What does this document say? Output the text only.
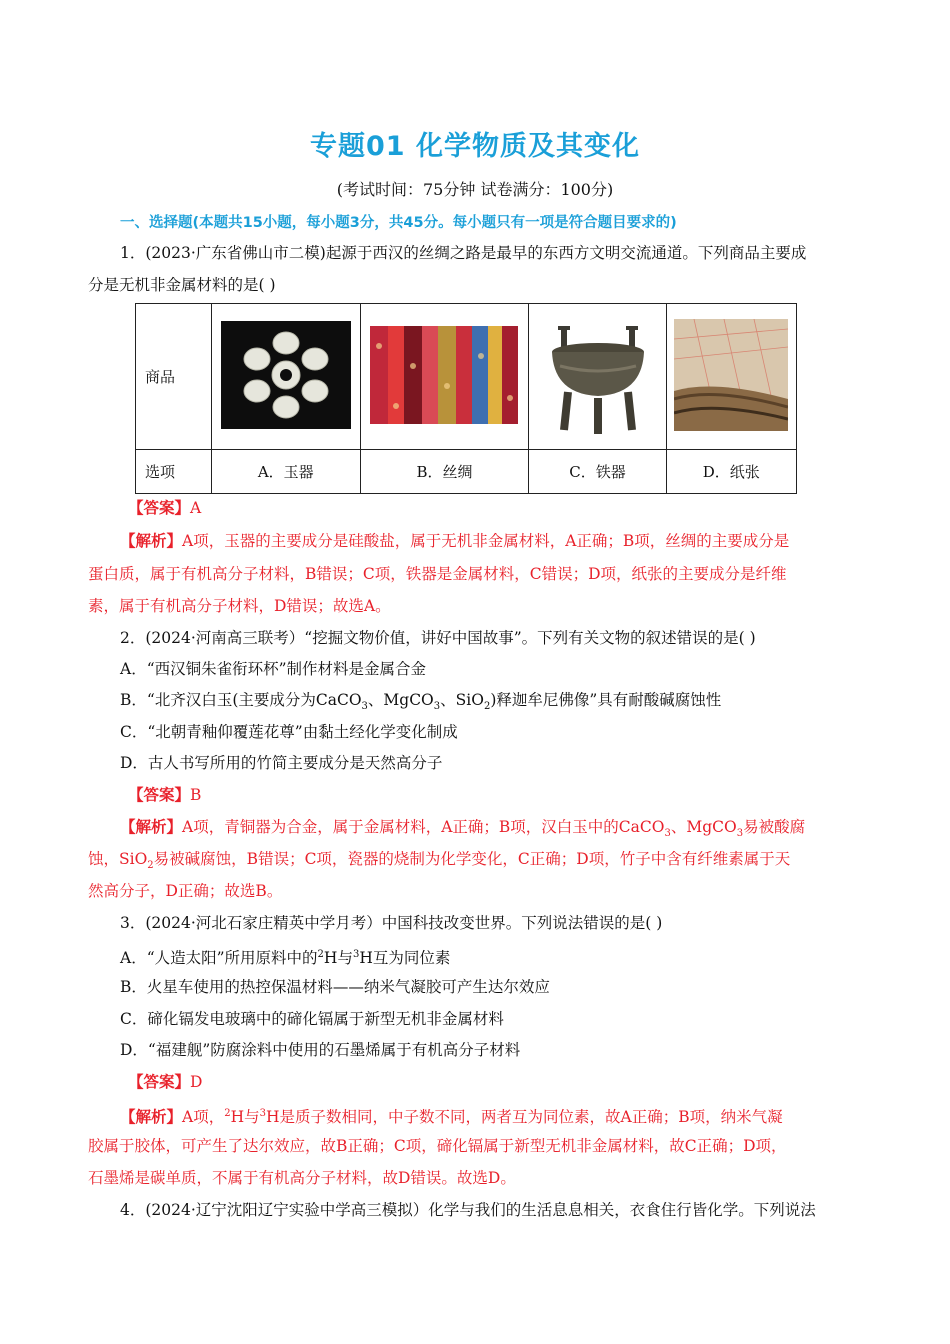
专题01 化学物质及其变化
(考试时间：75分钟 试卷满分：100分)
一、选择题(本题共15小题，每小题3分，共45分。每小题只有一项是符合题目要求的)
1．(2023·广东省佛山市二模)起源于西汉的丝绸之路是最早的东西方文明交流通道。下列商品主要成
分是无机非金属材料的是( )
商品				
选项	A．玉器	B．丝绸	C．铁器	D．纸张
【答案】A
【解析】A项，玉器的主要成分是硅酸盐，属于无机非金属材料，A正确；B项，丝绸的主要成分是
蛋白质，属于有机高分子材料，B错误；C项，铁器是金属材料，C错误；D项，纸张的主要成分是纤维
素，属于有机高分子材料，D错误；故选A。
2．(2024·河南高三联考）“挖掘文物价值，讲好中国故事”。下列有关文物的叙述错误的是( )
A．“西汉铜朱雀衔环杯”制作材料是金属合金
B．“北齐汉白玉(主要成分为CaCO$_3$、MgCO$_3$、SiO$_2$)释迦牟尼佛像”具有耐酸碱腐蚀性
C．“北朝青釉仰覆莲花尊”由黏土经化学变化制成
D．古人书写所用的竹简主要成分是天然高分子
【答案】B
【解析】A项，青铜器为合金，属于金属材料，A正确；B项，汉白玉中的CaCO$_3$、MgCO$_3$易被酸腐
蚀，SiO$_2$易被碱腐蚀，B错误；C项，瓷器的烧制为化学变化，C正确；D项，竹子中含有纤维素属于天
然高分子，D正确；故选B。
3．(2024·河北石家庄精英中学月考）中国科技改变世界。下列说法错误的是( )
A．“人造太阳”所用原料中的$^2$H与$^3$H互为同位素
B．火星车使用的热控保温材料——纳米气凝胶可产生达尔效应
C．碲化镉发电玻璃中的碲化镉属于新型无机非金属材料
D．“福建舰”防腐涂料中使用的石墨烯属于有机高分子材料
【答案】D
【解析】A项，$^2$H与$^3$H是质子数相同，中子数不同，两者互为同位素，故A正确；B项，纳米气凝
胶属于胶体，可产生了达尔效应，故B正确；C项，碲化镉属于新型无机非金属材料，故C正确；D项，
石墨烯是碳单质，不属于有机高分子材料，故D错误。故选D。
4．(2024·辽宁沈阳辽宁实验中学高三模拟）化学与我们的生活息息相关，衣食住行皆化学。下列说法
